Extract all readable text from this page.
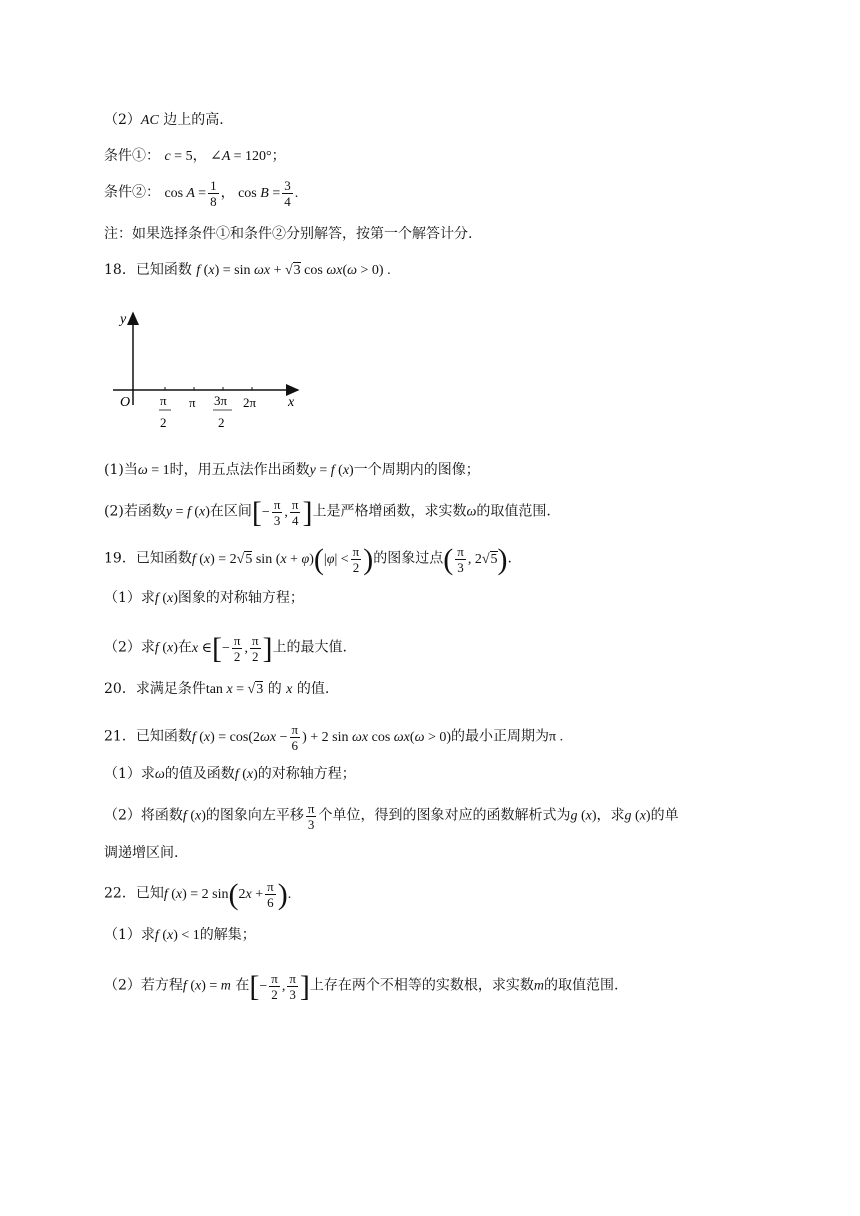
（2）AC 边上的高.
条件①： c = 5， ∠A = 120°；
条件②： $\cos A = \frac{1}{8}$ ， $\cos B = \frac{3}{4}$ .
注：如果选择条件①和条件②分别解答，按第一个解答计分.
18．已知函数 f (x) = sin ωx + √3 cos ωx(ω > 0) .
y
x
O π
2
π 3π
2
2π
(1)当ω = 1时，用五点法作出函数y = f (x)一个周期内的图像；
(2)若函数y = f (x)在区间[− $\frac{\pi}{3}$ , $\frac{\pi}{4}$ ]上是严格增函数，求实数ω的取值范围.
19．已知函数f (x) = 2√5 $\sin (x + \varphi)(|\varphi| < \frac{\pi}{2}$ )的图象过点( $\frac{\pi}{3}$ , 2√5).
（1）求f (x)图象的对称轴方程；
（2）求f (x)在x ∈[− $\frac{\pi}{2}$ , $\frac{\pi}{2}$ ]上的最大值.
20．求满足条件tan x = √3 的 x 的值.
21．已知函数f $(x) = \cos(2\omega x - \frac{\pi}{6}$ ) + 2 sin ωx cos ωx(ω > 0)的最小正周期为π .
（1）求ω的值及函数f (x)的对称轴方程；
（2）将函数f (x)的图象向左平移 $\frac{\pi}{3}$ 个单位，得到的图象对应的函数解析式为g (x)，求g (x)的单
调递增区间.
22．已知f (x) = 2 $\sin(2x + \frac{\pi}{6}$ ).
（1）求f (x) < 1的解集；
（2）若方程f (x) = m 在[− $\frac{\pi}{2}$ , $\frac{\pi}{3}$ ]上存在两个不相等的实数根，求实数m的取值范围.
